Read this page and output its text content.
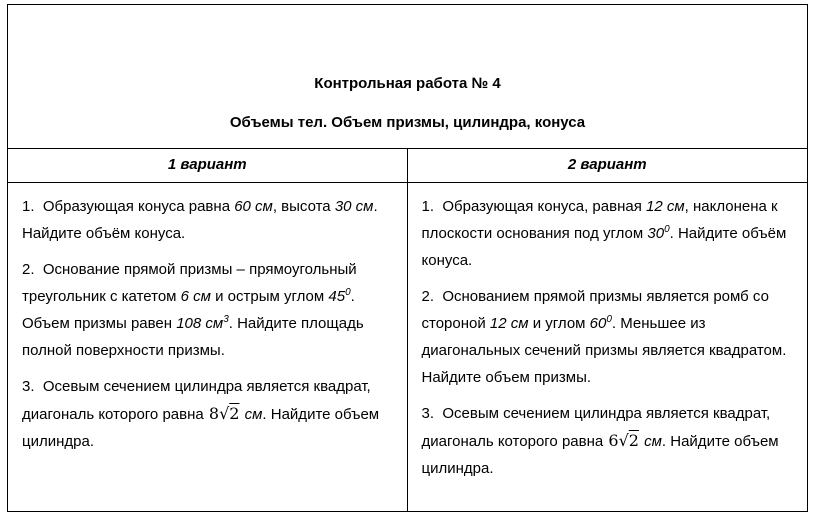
Контрольная работа № 4

Объемы тел. Объем призмы, цилиндра, конуса

1 вариант	2 вариант

1.  Образующая конуса равна 60 см, высота 30 см. Найдите объём конуса.

2.  Основание прямой призмы – прямоугольный треугольник с катетом 6 см и острым углом $45^0$. Объем призмы равен 108 $см^3$. Найдите площадь полной поверхности призмы.

3.  Осевым сечением цилиндра является квадрат, диагональ которого равна 8√2 см. Найдите объем цилиндра.

1.  Образующая конуса, равная 12 см, наклонена к плоскости основания под углом $30^0$. Найдите объём конуса.

2.  Основанием прямой призмы является ромб со стороной 12 см и углом $60^0$. Меньшее из диагональных сечений призмы является квадратом. Найдите объем призмы.

3.  Осевым сечением цилиндра является квадрат, диагональ которого равна 6√2 см. Найдите объем цилиндра.
